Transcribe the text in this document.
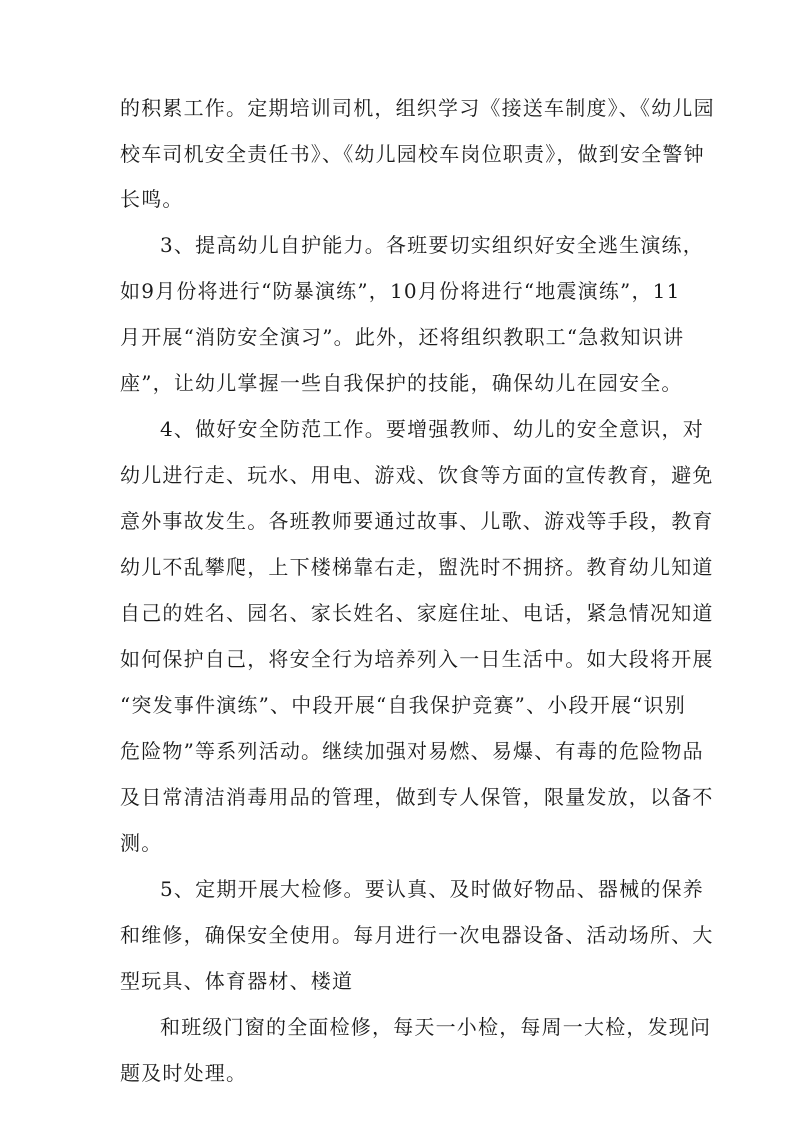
的积累工作。定期培训司机，组织学习《接送车制度》、《幼儿园
校车司机安全责任书》、《幼儿园校车岗位职责》，做到安全警钟
长鸣。
3、提高幼儿自护能力。各班要切实组织好安全逃生演练，
如9月份将进行“防暴演练”，10月份将进行“地震演练”，11
月开展“消防安全演习”。此外，还将组织教职工“急救知识讲
座”，让幼儿掌握一些自我保护的技能，确保幼儿在园安全。
4、做好安全防范工作。要增强教师、幼儿的安全意识，对
幼儿进行走、玩水、用电、游戏、饮食等方面的宣传教育，避免
意外事故发生。各班教师要通过故事、儿歌、游戏等手段，教育
幼儿不乱攀爬，上下楼梯靠右走，盥洗时不拥挤。教育幼儿知道
自己的姓名、园名、家长姓名、家庭住址、电话，紧急情况知道
如何保护自己，将安全行为培养列入一日生活中。如大段将开展
“突发事件演练”、中段开展“自我保护竞赛”、小段开展“识别
危险物”等系列活动。继续加强对易燃、易爆、有毒的危险物品
及日常清洁消毒用品的管理，做到专人保管，限量发放，以备不
测。
5、定期开展大检修。要认真、及时做好物品、器械的保养
和维修，确保安全使用。每月进行一次电器设备、活动场所、大
型玩具、体育器材、楼道
和班级门窗的全面检修，每天一小检，每周一大检，发现问
题及时处理。
